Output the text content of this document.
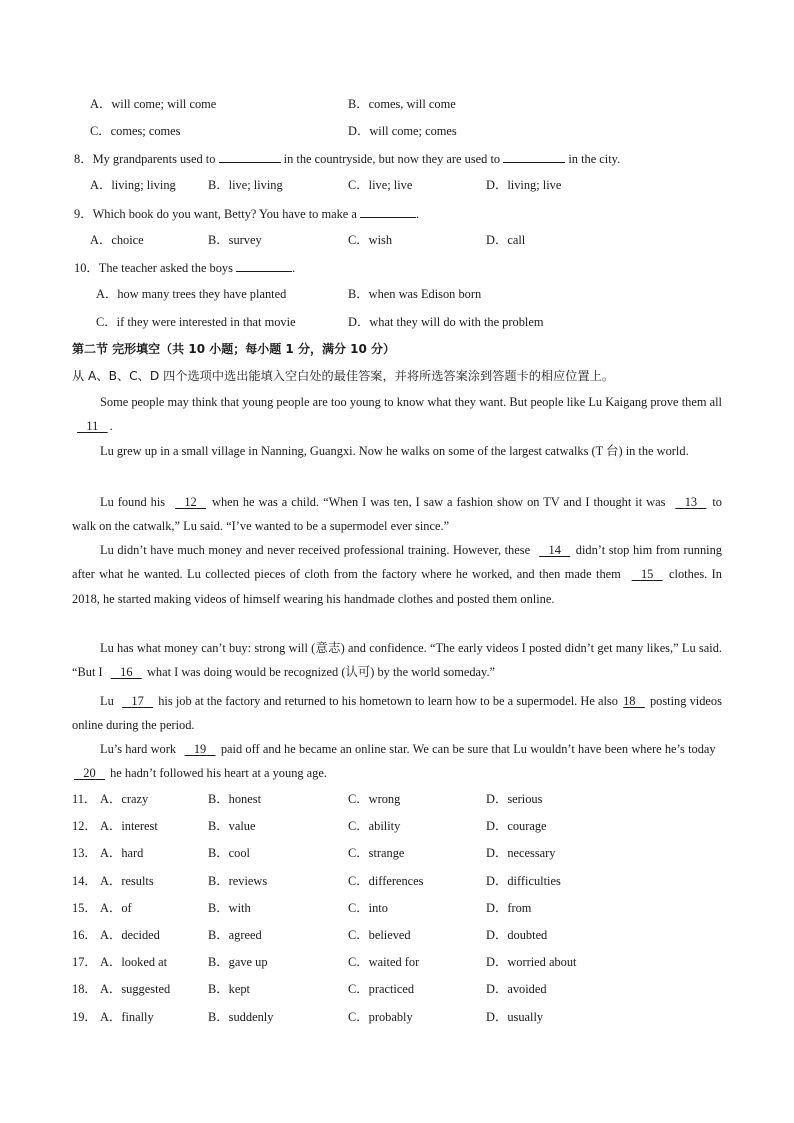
A．will come; will come	B．comes, will come
C．comes; comes	D．will come; comes
8．My grandparents used to	in the countryside, but now they are used to	in the city.
A．living; living	B．live; living	C．live; live	D．living; live
9．Which book do you want, Betty? You have to make a	.
A．choice	B．survey	C．wish	D．call
10．The teacher asked the boys	.
A．how many trees they have planted	B．when was Edison born
C．if they were interested in that movie	D．what they will do with the problem
第二节 完形填空（共 10 小题；每小题 1 分，满分 10 分）
从 A、B、C、D 四个选项中选出能填入空白处的最佳答案，并将所选答案涂到答题卡的相应位置上。
Some people may think that young people are too young to know what they want. But people like Lu Kaigang prove them all     11 .
Lu grew up in a small village in Nanning, Guangxi. Now he walks on some of the largest catwalks (T 台) in the world.
Lu found his 12 when he was a child. “When I was ten, I saw a fashion show on TV and I thought it was 13 to walk on the catwalk,” Lu said. “I’ve wanted to be a supermodel ever since.”
Lu didn’t have much money and never received professional training. However, these 14 didn’t stop him from running after what he wanted. Lu collected pieces of cloth from the factory where he worked, and then made them 15 clothes. In 2018, he started making videos of himself wearing his handmade clothes and posted them online.
Lu has what money can’t buy: strong will (意志) and confidence. “The early videos I posted didn’t get many likes,” Lu said. “But I 16 what I was doing would be recognized (认可) by the world someday.”
Lu 17 his job at the factory and returned to his hometown to learn how to be a supermodel. He also 18 posting videos online during the period.
Lu’s hard work 19 paid off and he became an online star. We can be sure that Lu wouldn’t have been where he’s today     20 he hadn’t followed his heart at a young age.
11． A．crazy	B．honest	C．wrong	D．serious
12． A．interest	B．value	C．ability	D．courage
13． A．hard	B．cool	C．strange	D．necessary
14． A．results	B．reviews	C．differences	D．difficulties
15． A．of	B．with	C．into	D．from
16． A．decided	B．agreed	C．believed	D．doubted
17． A．looked at	B．gave up	C．waited for	D．worried about
18． A．suggested	B．kept	C．practiced	D．avoided
19． A．finally	B．suddenly	C．probably	D．usually
